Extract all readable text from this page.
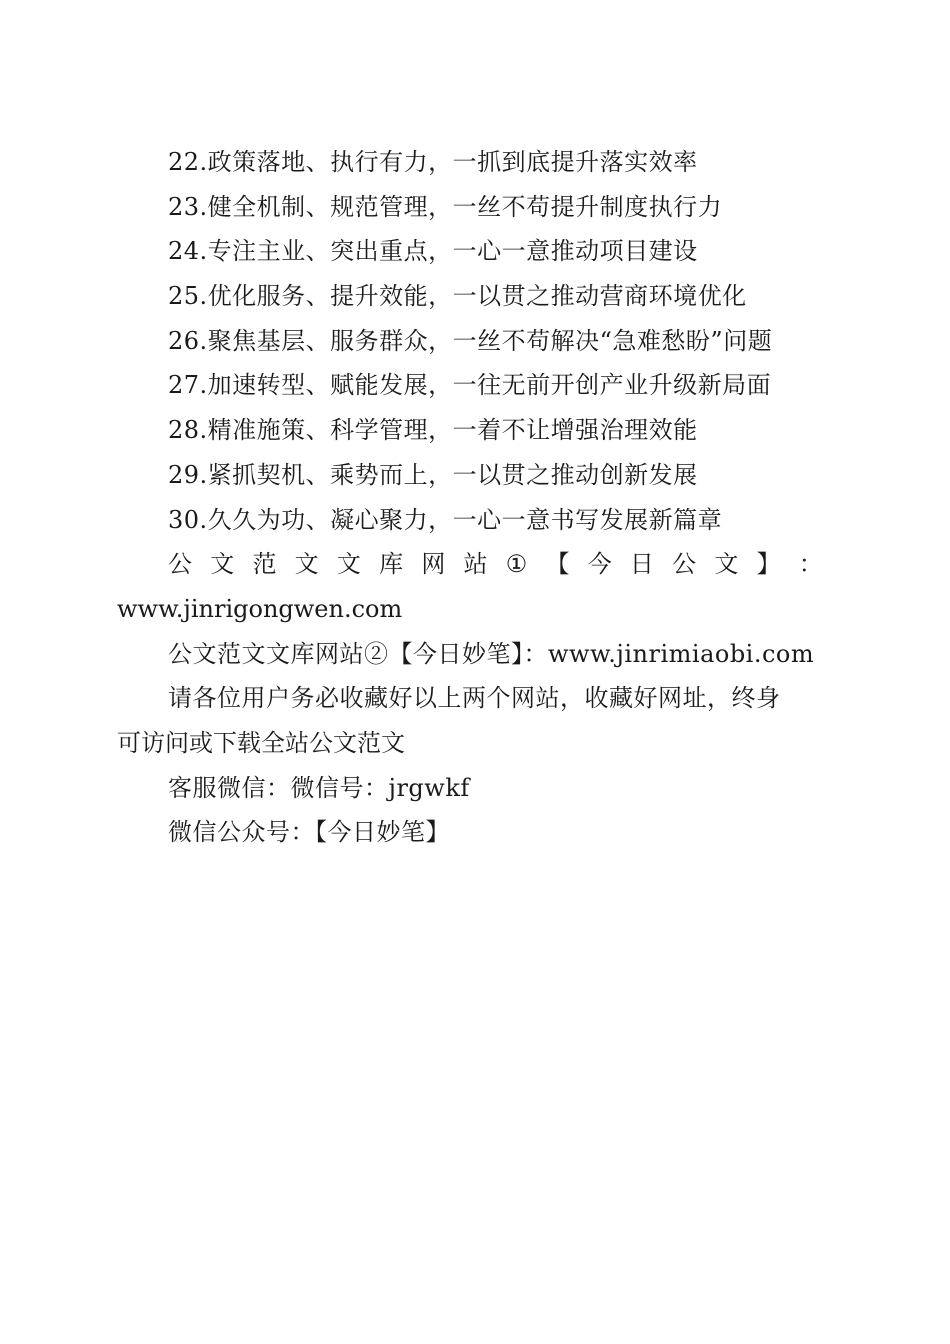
22.政策落地、执行有力，一抓到底提升落实效率
23.健全机制、规范管理，一丝不苟提升制度执行力
24.专注主业、突出重点，一心一意推动项目建设
25.优化服务、提升效能，一以贯之推动营商环境优化
26.聚焦基层、服务群众，一丝不苟解决“急难愁盼”问题
27.加速转型、赋能发展，一往无前开创产业升级新局面
28.精准施策、科学管理，一着不让增强治理效能
29.紧抓契机、乘势而上，一以贯之推动创新发展
30.久久为功、凝心聚力，一心一意书写发展新篇章
公 文 范 文 文 库 网 站 ① 【 今 日 公 文 】 ：
www.jinrigongwen.com
公文范文文库网站②【今日妙笔】：www.jinrimiaobi.com
请各位用户务必收藏好以上两个网站，收藏好网址，终身
可访问或下载全站公文范文
客服微信：微信号：jrgwkf
微信公众号：【今日妙笔】
